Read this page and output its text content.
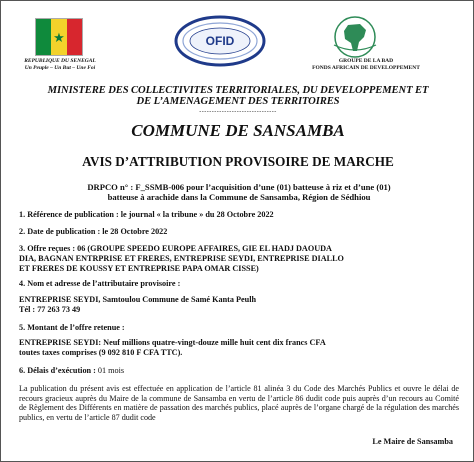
★
REPUBLIQUE DU SENEGAL
Un Peuple – Un But – Une Foi
OFID
GROUPE DE LA BAD
FONDS AFRICAIN DE DEVELOPPEMENT
MINISTERE DES COLLECTIVITES TERRITORIALES, DU DEVELOPPEMENT ET
DE L’AMENAGEMENT DES TERRITOIRES
-------------------------------
COMMUNE DE SANSAMBA
AVIS D’ATTRIBUTION PROVISOIRE DE MARCHE
DRPCO n° : F_SSMB-006 pour l’acquisition d’une (01) batteuse à riz et d’une (01)
batteuse à arachide dans la Commune de Sansamba, Région de Sédhiou
1. Référence de publication : le journal « la tribune » du 28 Octobre 2022
2. Date de publication : le 28 Octobre 2022
3. Offre reçues : 06 (GROUPE SPEEDO EUROPE AFFAIRES, GIE EL HADJ DAOUDA
DIA, BAGNAN ENTRPRISE ET FRERES, ENTREPRISE SEYDI, ENTREPRISE DIALLO
ET FRERES DE KOUSSY ET ENTREPRISE PAPA OMAR CISSE)
4. Nom et adresse de l’attributaire provisoire :
ENTREPRISE SEYDI, Samtoulou Commune de Samé Kanta Peulh
Tél : 77 263 73 49
5. Montant de l’offre retenue :
ENTREPRISE SEYDI: Neuf millions quatre-vingt-douze mille huit cent dix francs CFA
toutes taxes comprises (9 092 810 F CFA TTC).
6. Délais d’exécution : 01 mois
La publication du présent avis est effectuée en application de l’article 81 alinéa 3 du Code des Marchés Publics et ouvre le délai de recours gracieux auprès du Maire de la commune de Sansamba en vertu de l’article 86 dudit code puis auprès d’un recours au Comité de Règlement des Différents en matière de passation des marchés publics, placé auprès de l’organe chargé de la régulation des marchés publics, en vertu de l’article 87 dudit code
Le Maire de Sansamba
